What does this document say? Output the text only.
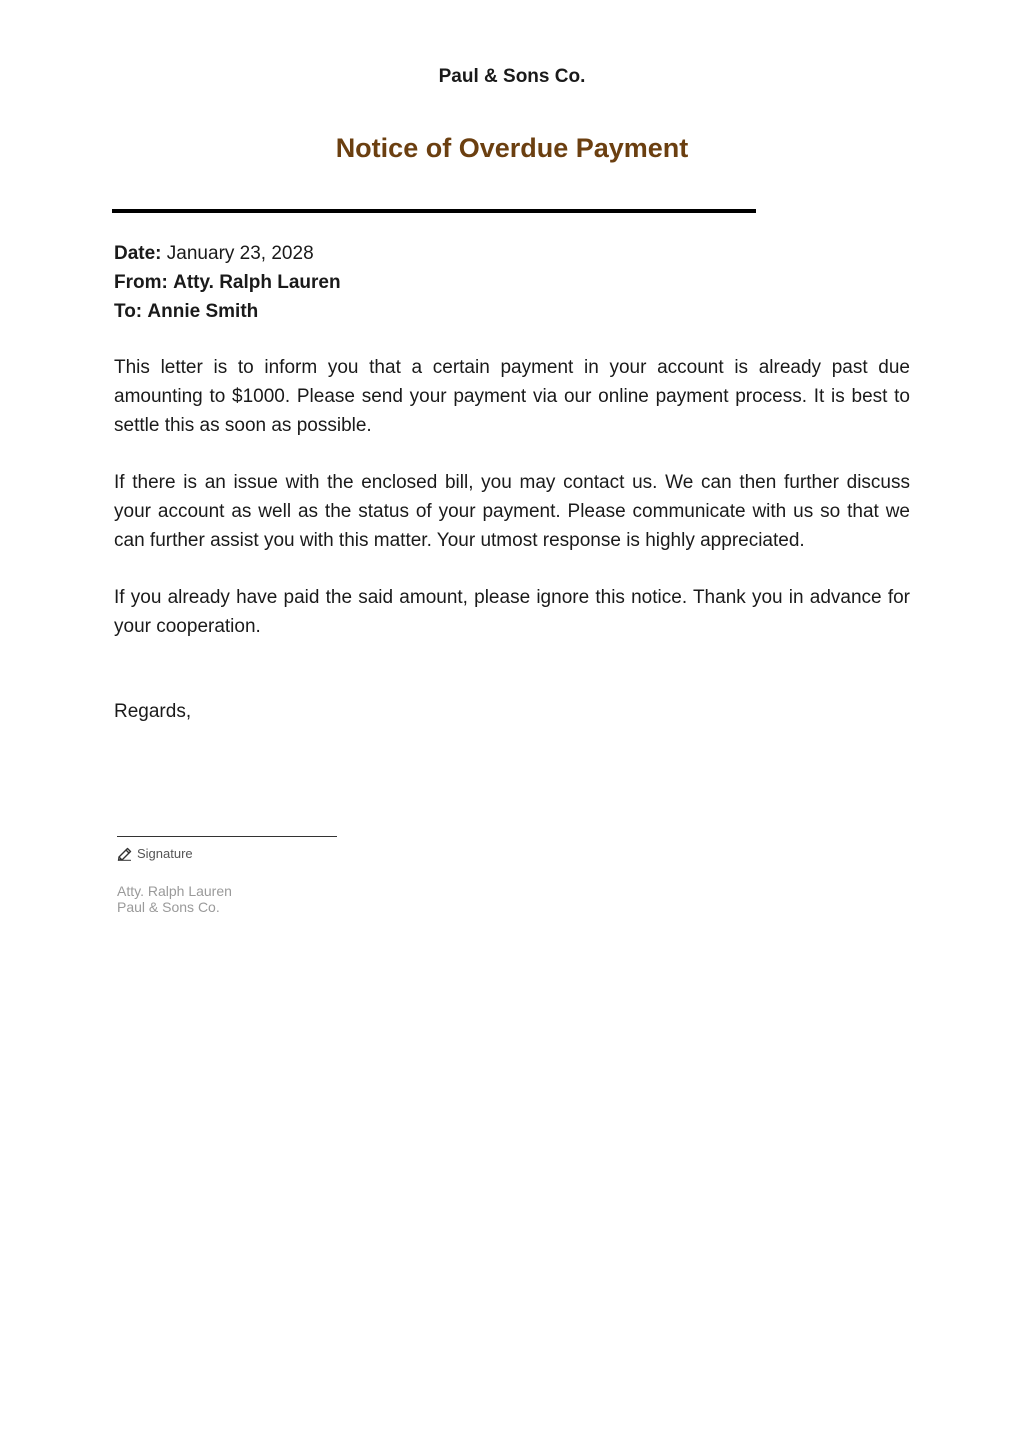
Paul & Sons Co.
Notice of Overdue Payment
Date: January 23, 2028
From: Atty. Ralph Lauren
To: Annie Smith

This letter is to inform you that a certain payment in your account is already past due amounting to $1000. Please send your payment via our online payment process. It is best to settle this as soon as possible.

If there is an issue with the enclosed bill, you may contact us. We can then further discuss your account as well as the status of your payment. Please communicate with us so that we can further assist you with this matter. Your utmost response is highly appreciated.

If you already have paid the said amount, please ignore this notice. Thank you in advance for your cooperation.

Regards,
Signature
Atty. Ralph Lauren
Paul & Sons Co.
